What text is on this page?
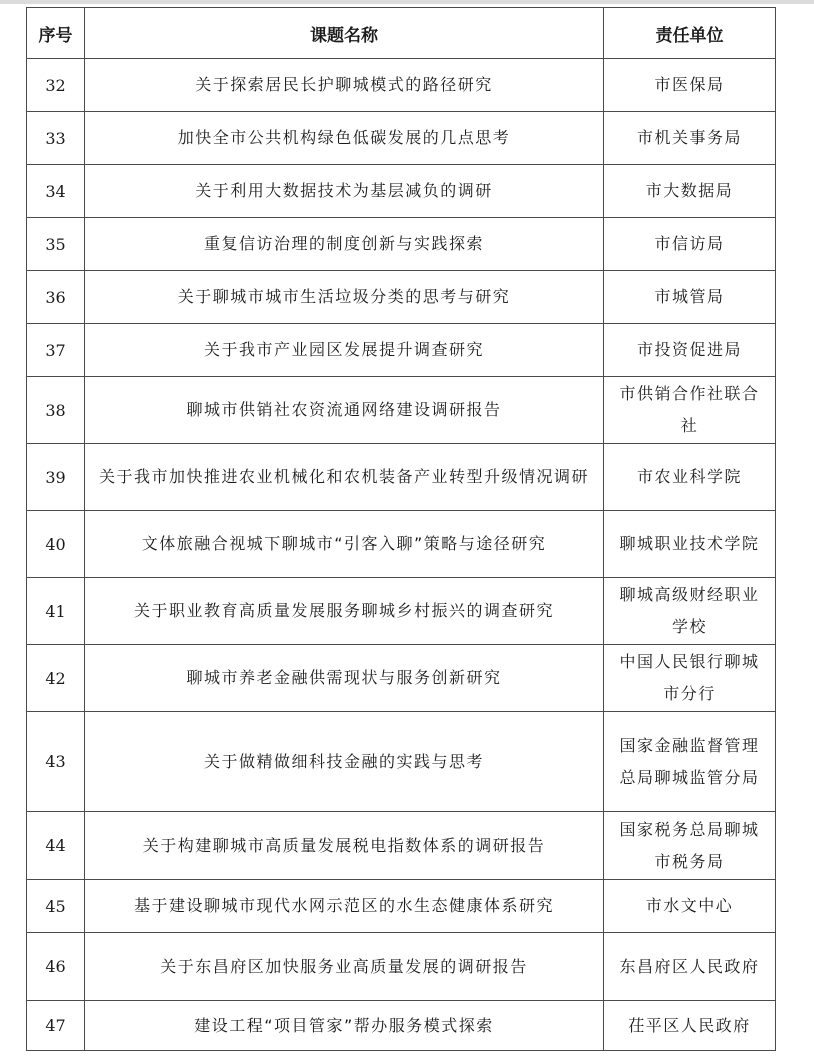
序号	课题名称	责任单位
32	关于探索居民长护聊城模式的路径研究	市医保局
33	加快全市公共机构绿色低碳发展的几点思考	市机关事务局
34	关于利用大数据技术为基层减负的调研	市大数据局
35	重复信访治理的制度创新与实践探索	市信访局
36	关于聊城市城市生活垃圾分类的思考与研究	市城管局
37	关于我市产业园区发展提升调查研究	市投资促进局
38	聊城市供销社农资流通网络建设调研报告	市供销合作社联合社
39	关于我市加快推进农业机械化和农机装备产业转型升级情况调研	市农业科学院
40	文体旅融合视城下聊城市“引客入聊”策略与途径研究	聊城职业技术学院
41	关于职业教育高质量发展服务聊城乡村振兴的调查研究	聊城高级财经职业学校
42	聊城市养老金融供需现状与服务创新研究	中国人民银行聊城市分行
43	关于做精做细科技金融的实践与思考	国家金融监督管理总局聊城监管分局
44	关于构建聊城市高质量发展税电指数体系的调研报告	国家税务总局聊城市税务局
45	基于建设聊城市现代水网示范区的水生态健康体系研究	市水文中心
46	关于东昌府区加快服务业高质量发展的调研报告	东昌府区人民政府
47	建设工程“项目管家”帮办服务模式探索	茌平区人民政府
